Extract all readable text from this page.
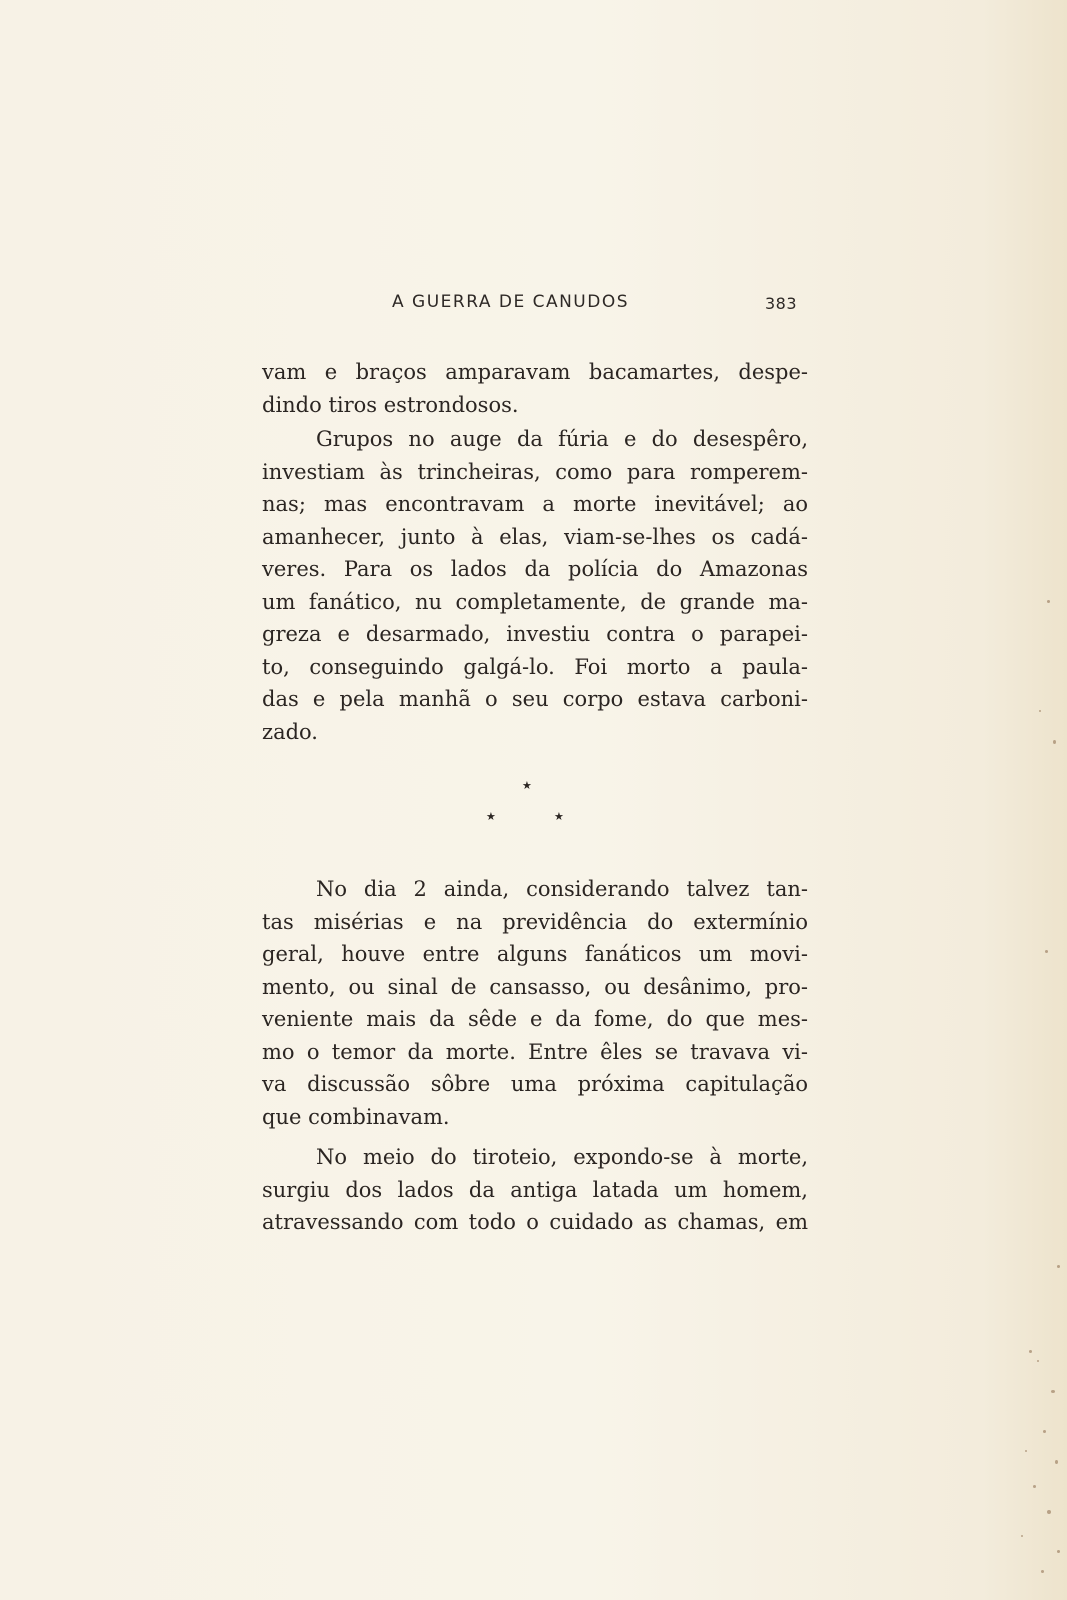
A GUERRA DE CANUDOS	383
vam e braços amparavam bacamartes, despe-
dindo tiros estrondosos.
Grupos no auge da fúria e do desespêro,
investiam às trincheiras, como para romperem-
nas; mas encontravam a morte inevitável; ao
amanhecer, junto à elas, viam-se-lhes os cadá-
veres. Para os lados da polícia do Amazonas
um fanático, nu completamente, de grande ma-
greza e desarmado, investiu contra o parapei-
to, conseguindo galgá-lo. Foi morto a paula-
das e pela manhã o seu corpo estava carboni-
zado.
★
★	★
No dia 2 ainda, considerando talvez tan-
tas misérias e na previdência do extermínio
geral, houve entre alguns fanáticos um movi-
mento, ou sinal de cansasso, ou desânimo, pro-
veniente mais da sêde e da fome, do que mes-
mo o temor da morte. Entre êles se travava vi-
va discussão sôbre uma próxima capitulação
que combinavam.
No meio do tiroteio, expondo-se à morte,
surgiu dos lados da antiga latada um homem,
atravessando com todo o cuidado as chamas, em
